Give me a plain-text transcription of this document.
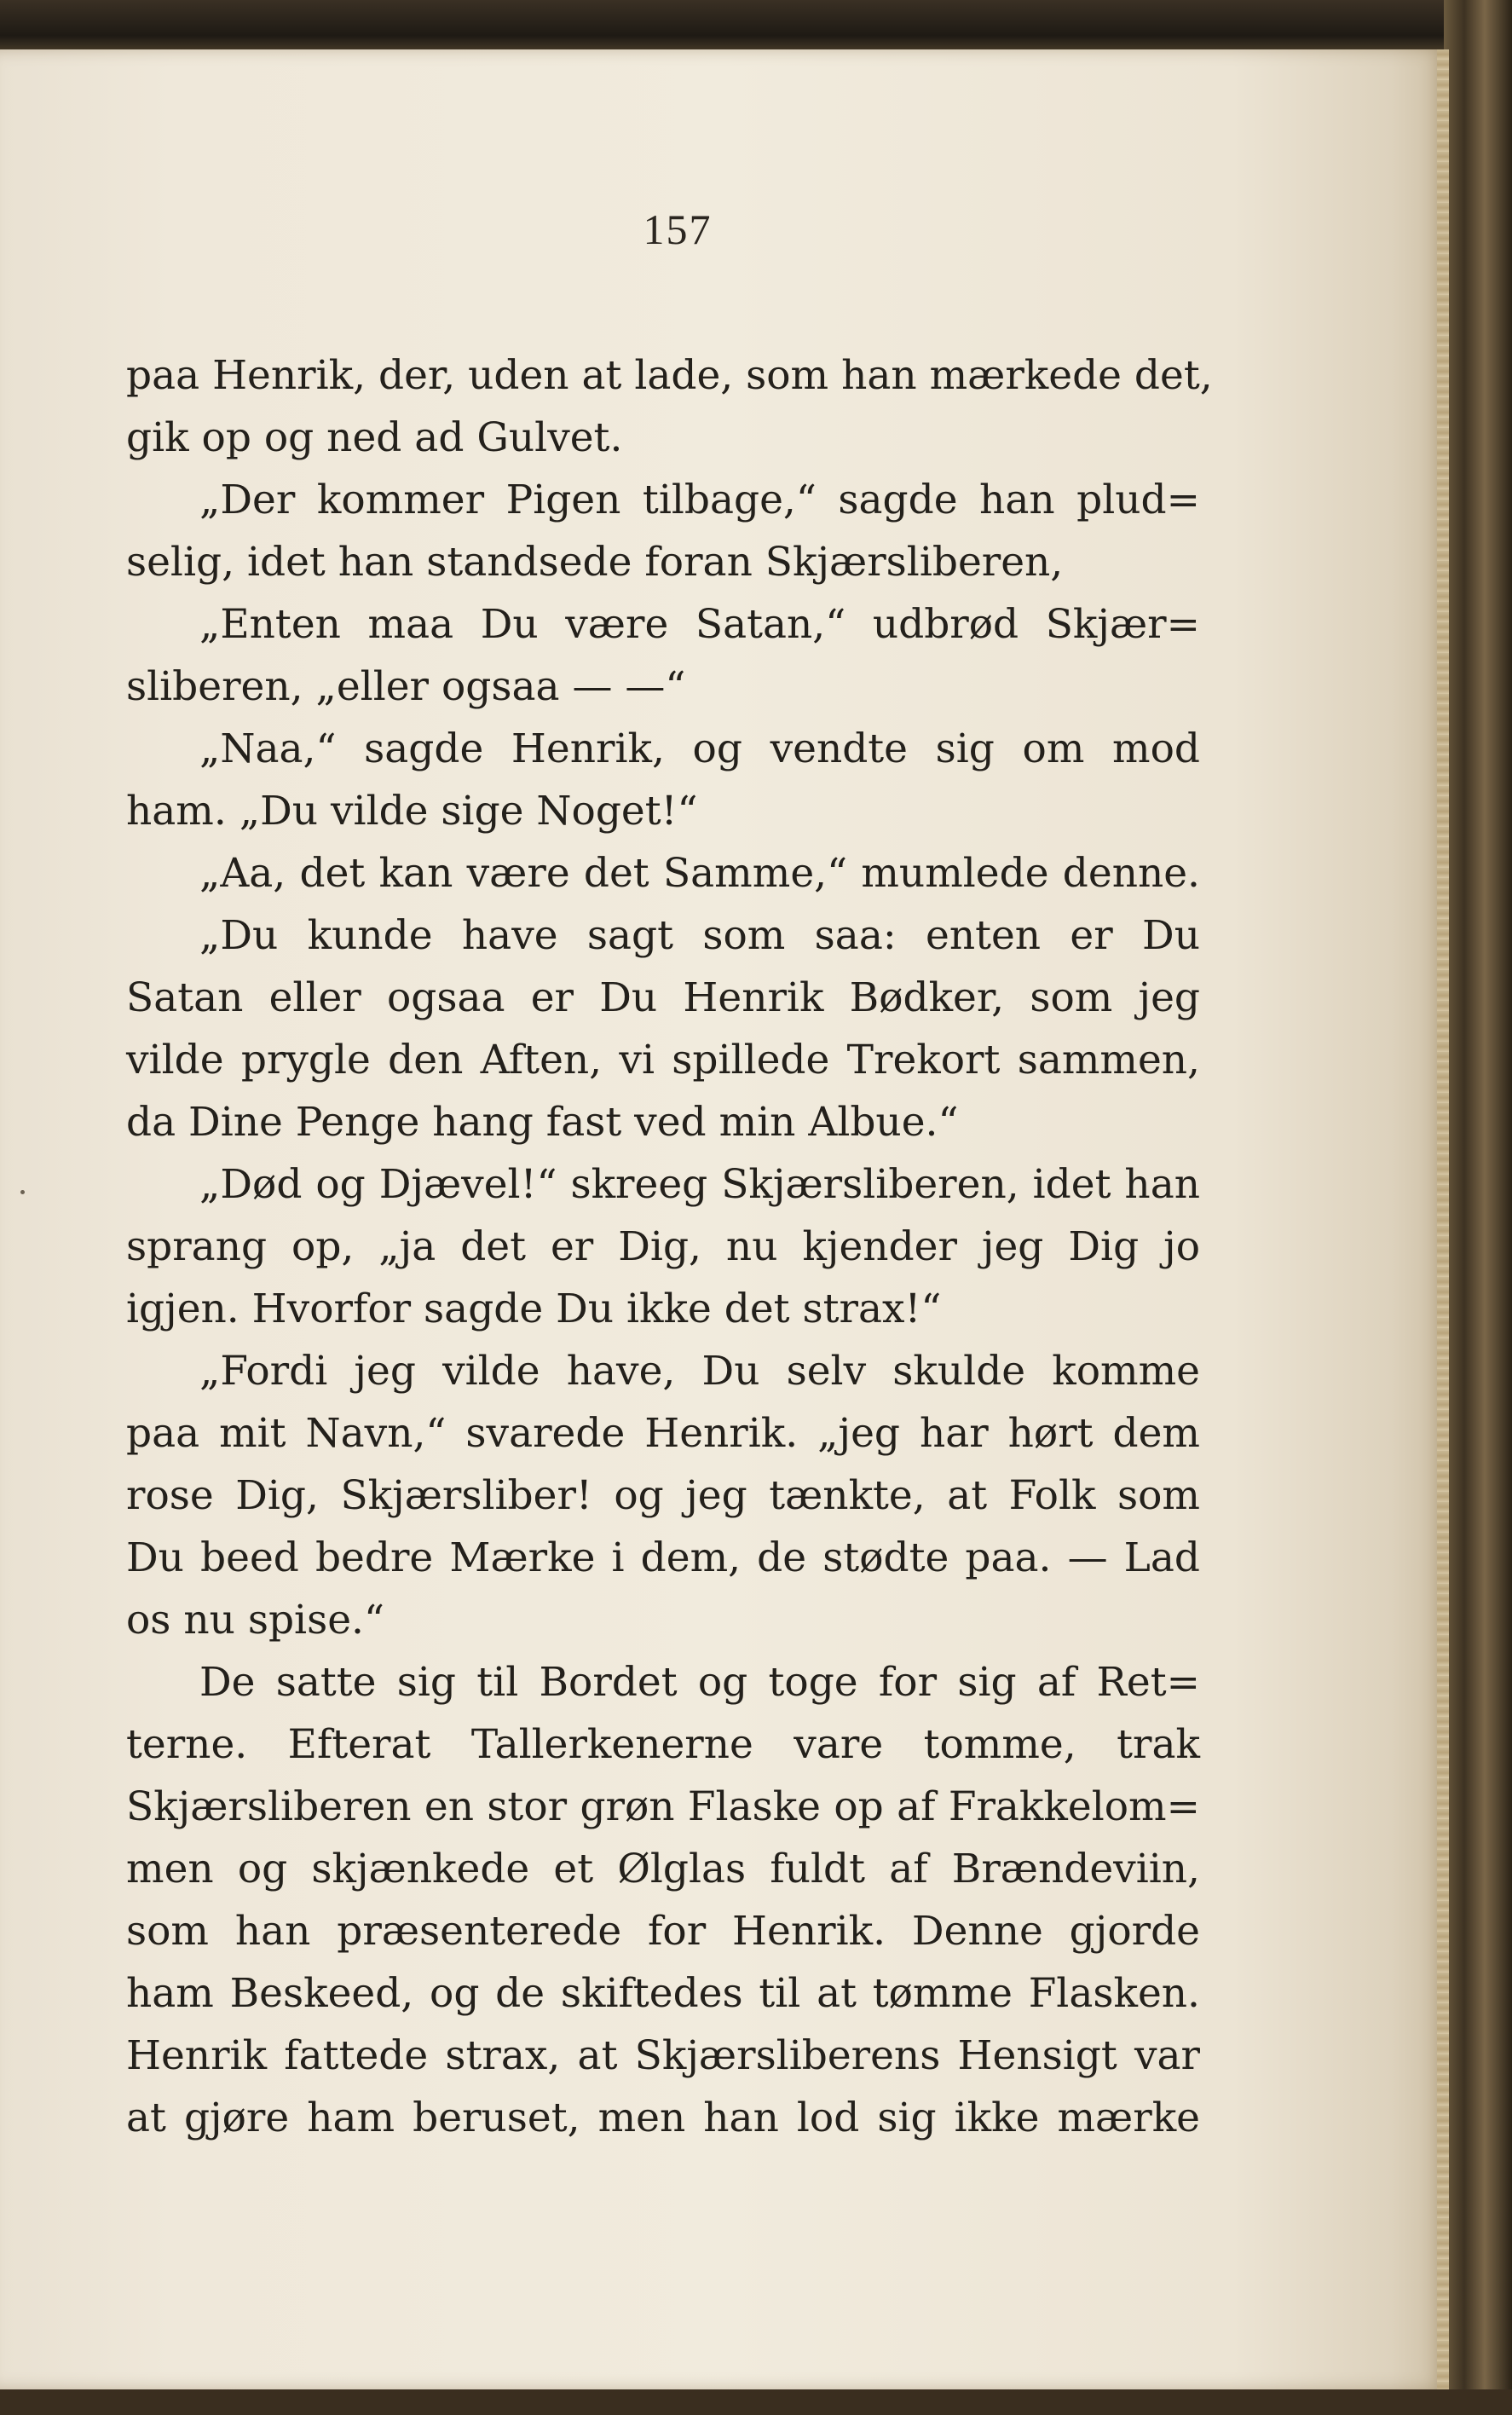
157
paa Henrik, der, uden at lade, som han mærkede det,
gik op og ned ad Gulvet.
„Der kommer Pigen tilbage,“ sagde han plud=
selig, idet han standsede foran Skjærsliberen,
„Enten maa Du være Satan,“ udbrød Skjær=
sliberen, „eller ogsaa — —“
„Naa,“ sagde Henrik, og vendte sig om mod
ham. „Du vilde sige Noget!“
„Aa, det kan være det Samme,“ mumlede denne.
„Du kunde have sagt som saa: enten er Du
Satan eller ogsaa er Du Henrik Bødker, som jeg
vilde prygle den Aften, vi spillede Trekort sammen,
da Dine Penge hang fast ved min Albue.“
„Død og Djævel!“ skreeg Skjærsliberen, idet han
sprang op, „ja det er Dig, nu kjender jeg Dig jo
igjen. Hvorfor sagde Du ikke det strax!“
„Fordi jeg vilde have, Du selv skulde komme
paa mit Navn,“ svarede Henrik. „jeg har hørt dem
rose Dig, Skjærsliber! og jeg tænkte, at Folk som
Du beed bedre Mærke i dem, de stødte paa. — Lad
os nu spise.“
De satte sig til Bordet og toge for sig af Ret=
terne. Efterat Tallerkenerne vare tomme, trak
Skjærsliberen en stor grøn Flaske op af Frakkelom=
men og skjænkede et Ølglas fuldt af Brændeviin,
som han præsenterede for Henrik. Denne gjorde
ham Beskeed, og de skiftedes til at tømme Flasken.
Henrik fattede strax, at Skjærsliberens Hensigt var
at gjøre ham beruset, men han lod sig ikke mærke
